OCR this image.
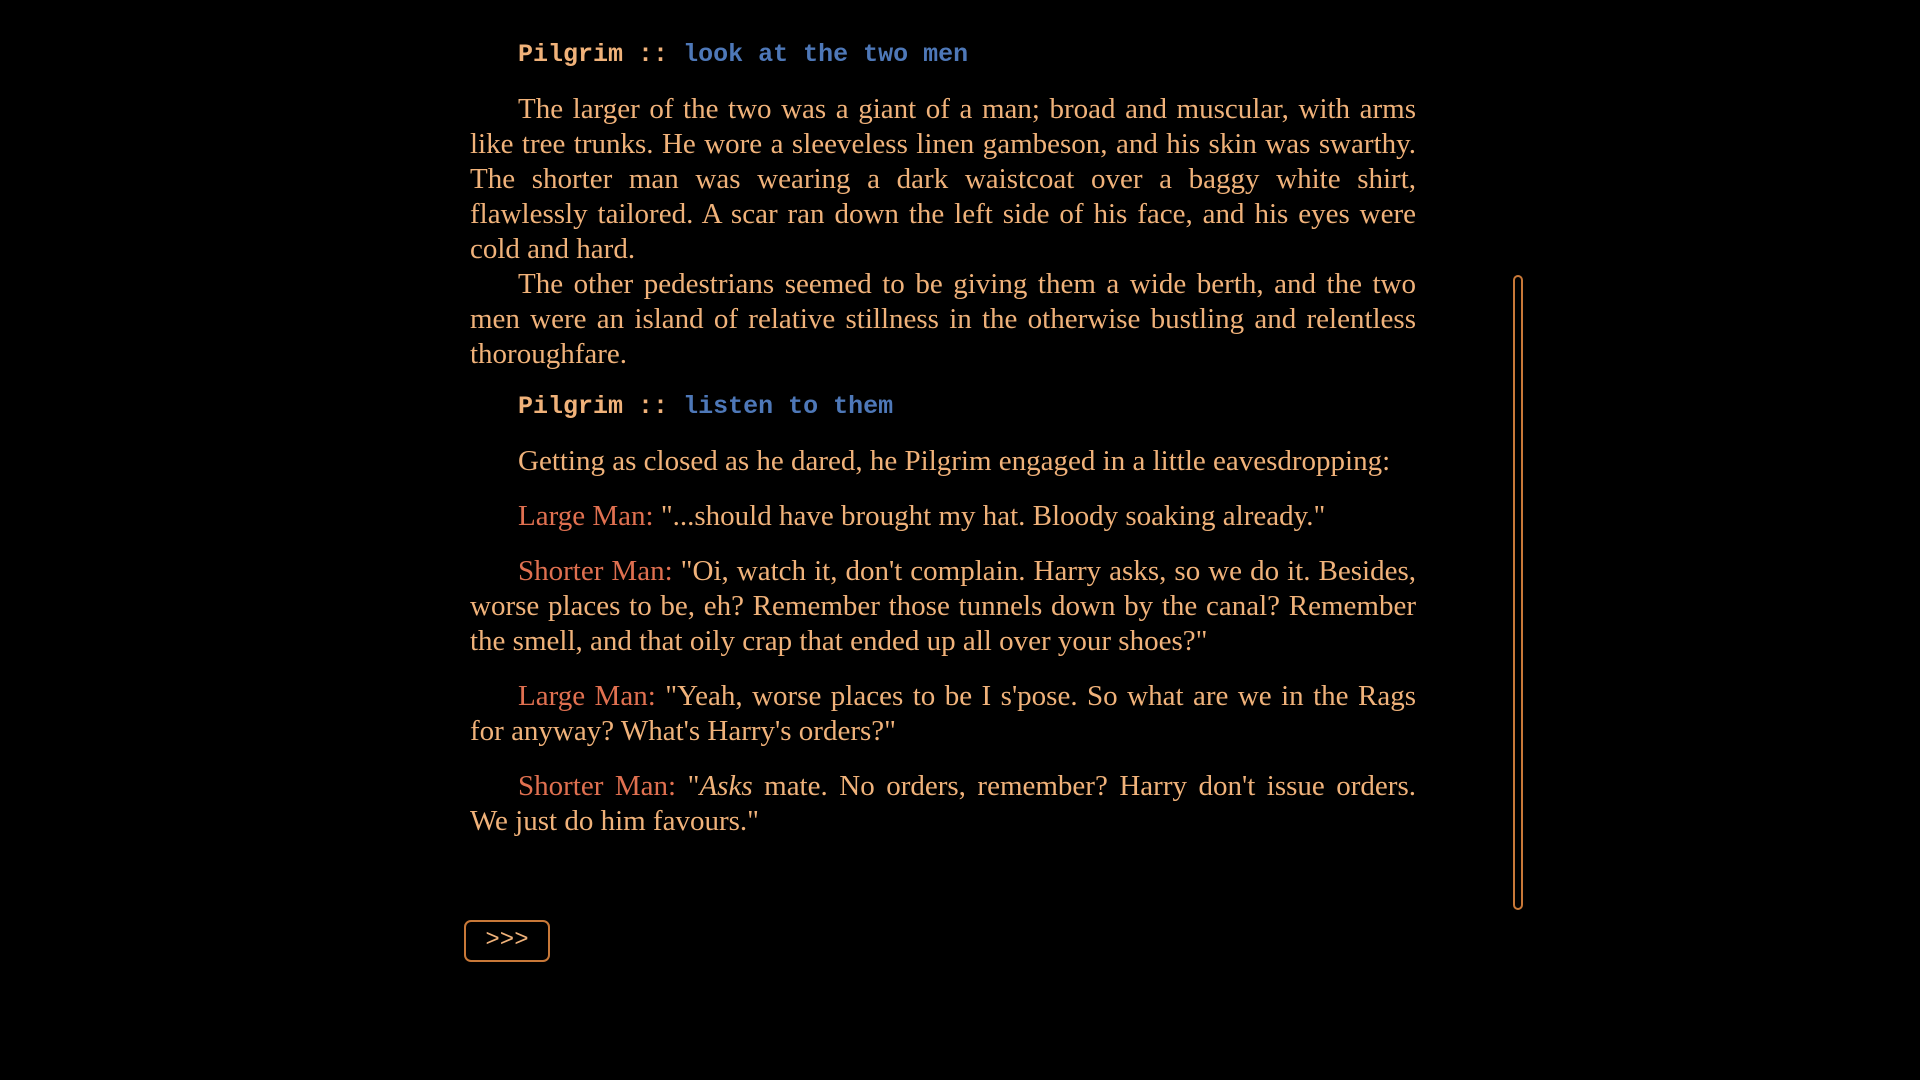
Pilgrim :: look at the two men

The larger of the two was a giant of a man; broad and muscular, with arms like tree trunks. He wore a sleeveless linen gambeson, and his skin was swarthy. The shorter man was wearing a dark waistcoat over a baggy white shirt, flawlessly tailored. A scar ran down the left side of his face, and his eyes were cold and hard.

The other pedestrians seemed to be giving them a wide berth, and the two men were an island of relative stillness in the otherwise bustling and relentless thoroughfare.

Pilgrim :: listen to them

Getting as closed as he dared, he Pilgrim engaged in a little eavesdropping:

Large Man: "...should have brought my hat. Bloody soaking already."

Shorter Man: "Oi, watch it, don't complain. Harry asks, so we do it. Besides, worse places to be, eh? Remember those tunnels down by the canal? Remember the smell, and that oily crap that ended up all over your shoes?"

Large Man: "Yeah, worse places to be I s'pose. So what are we in the Rags for anyway? What's Harry's orders?"

Shorter Man: "Asks mate. No orders, remember? Harry don't issue orders. We just do him favours."

>>>
